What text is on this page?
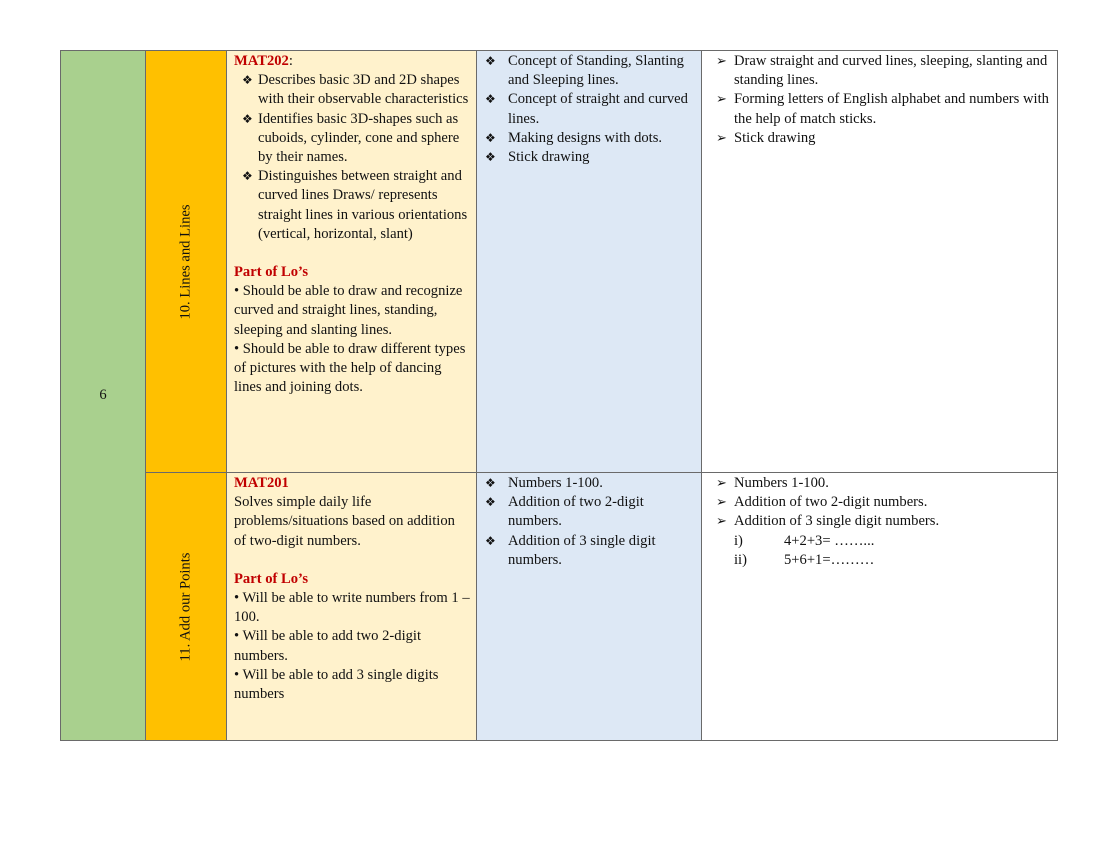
6
10. Lines and Lines
MAT202:
❖ Describes basic 3D and 2D shapes with their observable characteristics
❖ Identifies basic 3D-shapes such as cuboids, cylinder, cone and sphere by their names.
❖ Distinguishes between straight and curved lines Draws/ represents straight lines in various orientations (vertical, horizontal, slant)
Part of Lo’s
• Should be able to draw and recognize curved and straight lines, standing, sleeping and slanting lines.
• Should be able to draw different types of pictures with the help of dancing lines and joining dots.
❖ Concept of Standing, Slanting and Sleeping lines.
❖ Concept of straight and curved lines.
❖ Making designs with dots.
❖ Stick drawing
➢ Draw straight and curved lines, sleeping, slanting and standing lines.
➢ Forming letters of English alphabet and numbers with the help of match sticks.
➢ Stick drawing
11. Add our Points
MAT201
Solves simple daily life problems/situations based on addition of two-digit numbers.
Part of Lo’s
• Will be able to write numbers from 1 – 100.
• Will be able to add two 2-digit numbers.
• Will be able to add 3 single digits numbers
❖ Numbers 1-100.
❖ Addition of two 2-digit numbers.
❖ Addition of 3 single digit numbers.
➢ Numbers 1-100.
➢ Addition of two 2-digit numbers.
➢ Addition of 3 single digit numbers.
i)	4+2+3= ……...
ii)	5+6+1=………
